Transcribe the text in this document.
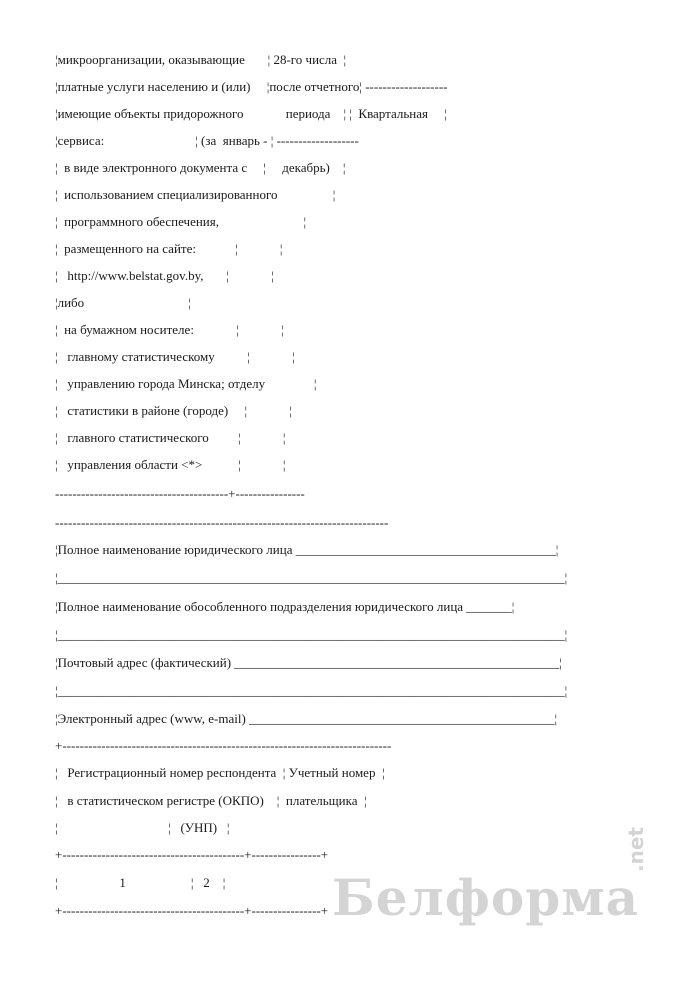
¦микроорганизации, оказывающие       ¦ 28-го числа  ¦
¦платные услуги населению и (или)     ¦после отчетного¦ -------------------
¦имеющие объекты придорожного             периода    ¦ ¦  Квартальная     ¦
¦сервиса:                            ¦ (за  январь - ¦ -------------------
¦  в виде электронного документа с     ¦     декабрь)    ¦
¦  использованием специализированного                 ¦
¦  программного обеспечения,                          ¦
¦  размещенного на сайте:            ¦             ¦
¦   http://www.belstat.gov.by,       ¦             ¦
¦либо                                ¦
¦  на бумажном носителе:             ¦             ¦
¦   главному статистическому          ¦             ¦
¦   управлению города Минска; отделу               ¦
¦   статистики в районе (городе)     ¦             ¦
¦   главного статистического         ¦             ¦
¦   управления области <*>           ¦             ¦
----------------------------------------+----------------
-----------------------------------------------------------------------------
¦Полное наименование юридического лица ________________________________________¦
¦______________________________________________________________________________¦
¦Полное наименование обособленного подразделения юридического лица _______¦
¦______________________________________________________________________________¦
¦Почтовый адрес (фактический) __________________________________________________¦
¦______________________________________________________________________________¦
¦Электронный адрес (www, e-mail) _______________________________________________¦
+----------------------------------------------------------------------------
¦   Регистрационный номер респондента  ¦ Учетный номер  ¦
¦   в статистическом регистре (ОКПО)    ¦  плательщика  ¦
¦                                  ¦   (УНП)   ¦
+------------------------------------------+----------------+
¦                   1                    ¦   2    ¦
+------------------------------------------+----------------+ Белформа
.net
